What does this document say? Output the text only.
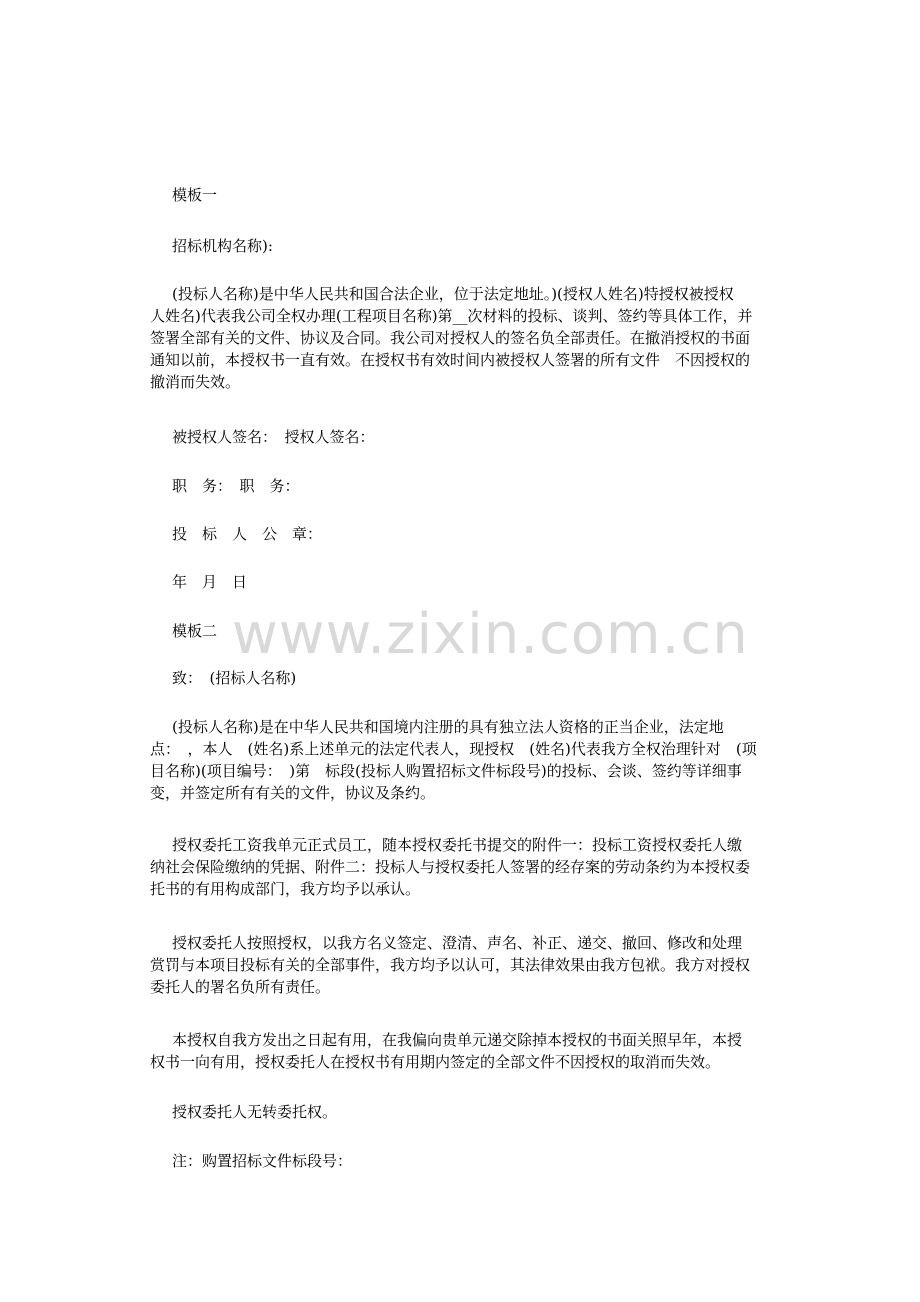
www.zixin.com.cn
模板一
招标机构名称):
(投标人名称)是中华人民共和国合法企业，位于法定地址。)(授权人姓名)特授权被授权
人姓名)代表我公司全权办理(工程项目名称)第__次材料的投标、谈判、签约等具体工作，并
签署全部有关的文件、协议及合同。我公司对授权人的签名负全部责任。在撤消授权的书面
通知以前，本授权书一直有效。在授权书有效时间内被授权人签署的所有文件　不因授权的
撤消而失效。
被授权人签名：　授权人签名：
职　务：　职　务：
投　标　人　公　章：
年　月　日
模板二
致：　(招标人名称)
(投标人名称)是在中华人民共和国境内注册的具有独立法人资格的正当企业，法定地
点：　，本人　(姓名)系上述单元的法定代表人，现授权　(姓名)代表我方全权治理针对　(项
目名称)(项目编号：　)第　标段(投标人购置招标文件标段号)的投标、会谈、签约等详细事
变，并签定所有有关的文件，协议及条约。
授权委托工资我单元正式员工，随本授权委托书提交的附件一：投标工资授权委托人缴
纳社会保险缴纳的凭据、附件二：投标人与授权委托人签署的经存案的劳动条约为本授权委
托书的有用构成部门，我方均予以承认。
授权委托人按照授权，以我方名义签定、澄清、声名、补正、递交、撤回、修改和处理
赏罚与本项目投标有关的全部事件，我方均予以认可，其法律效果由我方包袱。我方对授权
委托人的署名负所有责任。
本授权自我方发出之日起有用，在我偏向贵单元递交除掉本授权的书面关照早年，本授
权书一向有用，授权委托人在授权书有用期内签定的全部文件不因授权的取消而失效。
授权委托人无转委托权。
注：购置招标文件标段号：
